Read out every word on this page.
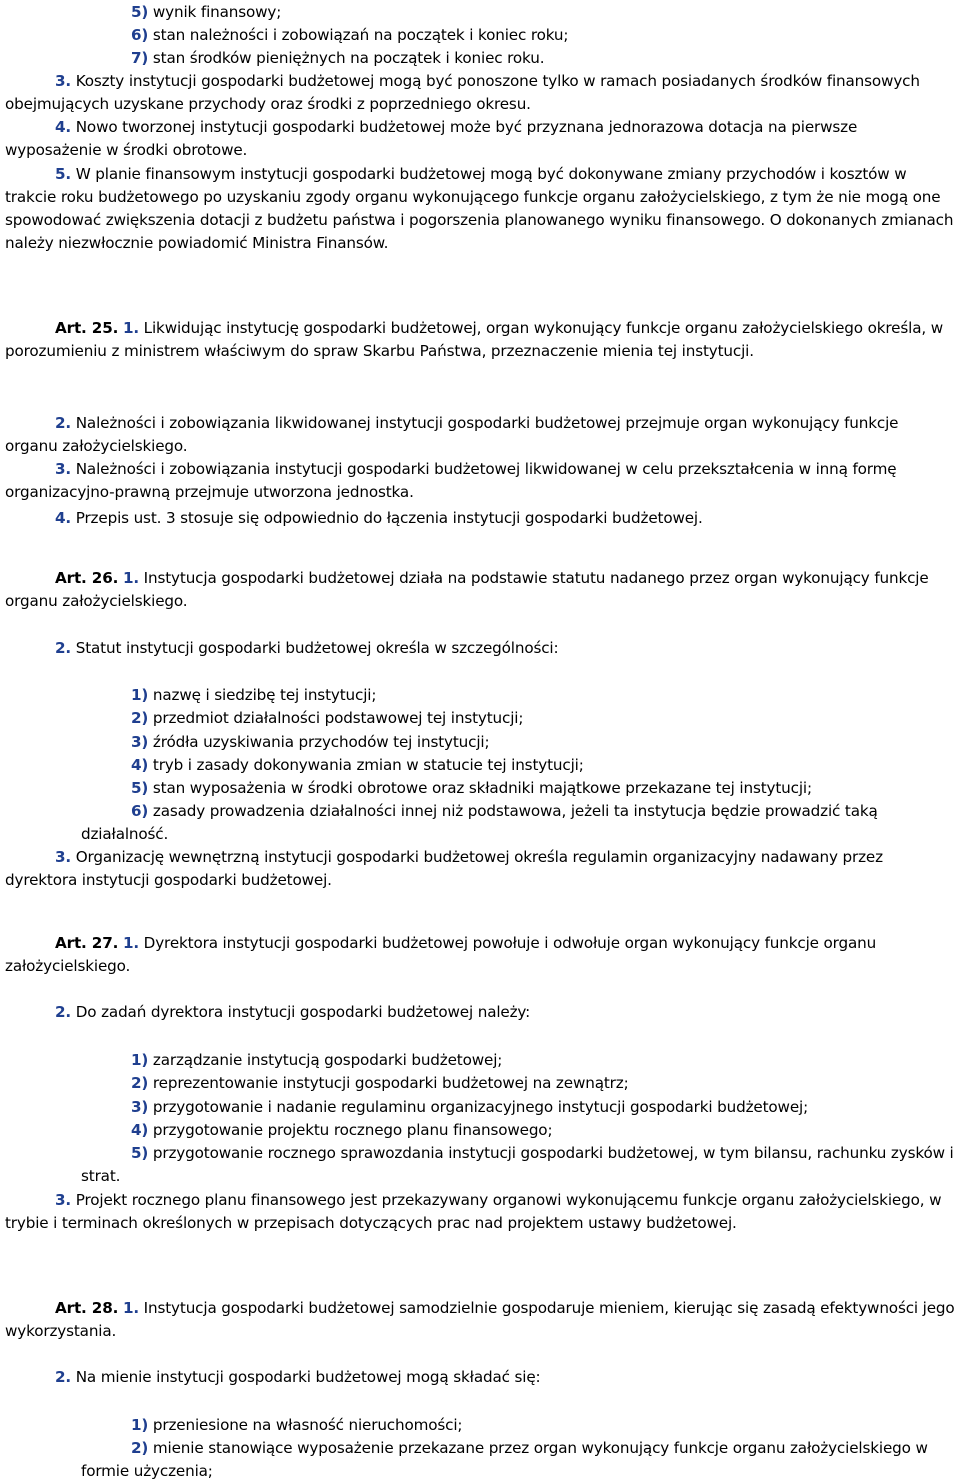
5) wynik finansowy;

6) stan należności i zobowiązań na początek i koniec roku;

7) stan środków pieniężnych na początek i koniec roku.

3. Koszty instytucji gospodarki budżetowej mogą być ponoszone tylko w ramach posiadanych środków finansowych obejmujących uzyskane przychody oraz środki z poprzedniego okresu.

4. Nowo tworzonej instytucji gospodarki budżetowej może być przyznana jednorazowa dotacja na pierwsze wyposażenie w środki obrotowe.

5. W planie finansowym instytucji gospodarki budżetowej mogą być dokonywane zmiany przychodów i kosztów w trakcie roku budżetowego po uzyskaniu zgody organu wykonującego funkcje organu założycielskiego, z tym że nie mogą one spowodować zwiększenia dotacji z budżetu państwa i pogorszenia planowanego wyniku finansowego. O dokonanych zmianach należy niezwłocznie powiadomić Ministra Finansów.

Art. 25. 1. Likwidując instytucję gospodarki budżetowej, organ wykonujący funkcje organu założycielskiego określa, w porozumieniu z ministrem właściwym do spraw Skarbu Państwa, przeznaczenie mienia tej instytucji.

2. Należności i zobowiązania likwidowanej instytucji gospodarki budżetowej przejmuje organ wykonujący funkcje organu założycielskiego.

3. Należności i zobowiązania instytucji gospodarki budżetowej likwidowanej w celu przekształcenia w inną formę organizacyjno-prawną przejmuje utworzona jednostka.

4. Przepis ust. 3 stosuje się odpowiednio do łączenia instytucji gospodarki budżetowej.

Art. 26. 1. Instytucja gospodarki budżetowej działa na podstawie statutu nadanego przez organ wykonujący funkcje organu założycielskiego.

2. Statut instytucji gospodarki budżetowej określa w szczególności:

1) nazwę i siedzibę tej instytucji;

2) przedmiot działalności podstawowej tej instytucji;

3) źródła uzyskiwania przychodów tej instytucji;

4) tryb i zasady dokonywania zmian w statucie tej instytucji;

5) stan wyposażenia w środki obrotowe oraz składniki majątkowe przekazane tej instytucji;

6) zasady prowadzenia działalności innej niż podstawowa, jeżeli ta instytucja będzie prowadzić taką działalność.

3. Organizację wewnętrzną instytucji gospodarki budżetowej określa regulamin organizacyjny nadawany przez dyrektora instytucji gospodarki budżetowej.

Art. 27. 1. Dyrektora instytucji gospodarki budżetowej powołuje i odwołuje organ wykonujący funkcje organu założycielskiego.

2. Do zadań dyrektora instytucji gospodarki budżetowej należy:

1) zarządzanie instytucją gospodarki budżetowej;

2) reprezentowanie instytucji gospodarki budżetowej na zewnątrz;

3) przygotowanie i nadanie regulaminu organizacyjnego instytucji gospodarki budżetowej;

4) przygotowanie projektu rocznego planu finansowego;

5) przygotowanie rocznego sprawozdania instytucji gospodarki budżetowej, w tym bilansu, rachunku zysków i strat.

3. Projekt rocznego planu finansowego jest przekazywany organowi wykonującemu funkcje organu założycielskiego, w trybie i terminach określonych w przepisach dotyczących prac nad projektem ustawy budżetowej.

Art. 28. 1. Instytucja gospodarki budżetowej samodzielnie gospodaruje mieniem, kierując się zasadą efektywności jego wykorzystania.

2. Na mienie instytucji gospodarki budżetowej mogą składać się:

1) przeniesione na własność nieruchomości;

2) mienie stanowiące wyposażenie przekazane przez organ wykonujący funkcje organu założycielskiego w formie użyczenia;
